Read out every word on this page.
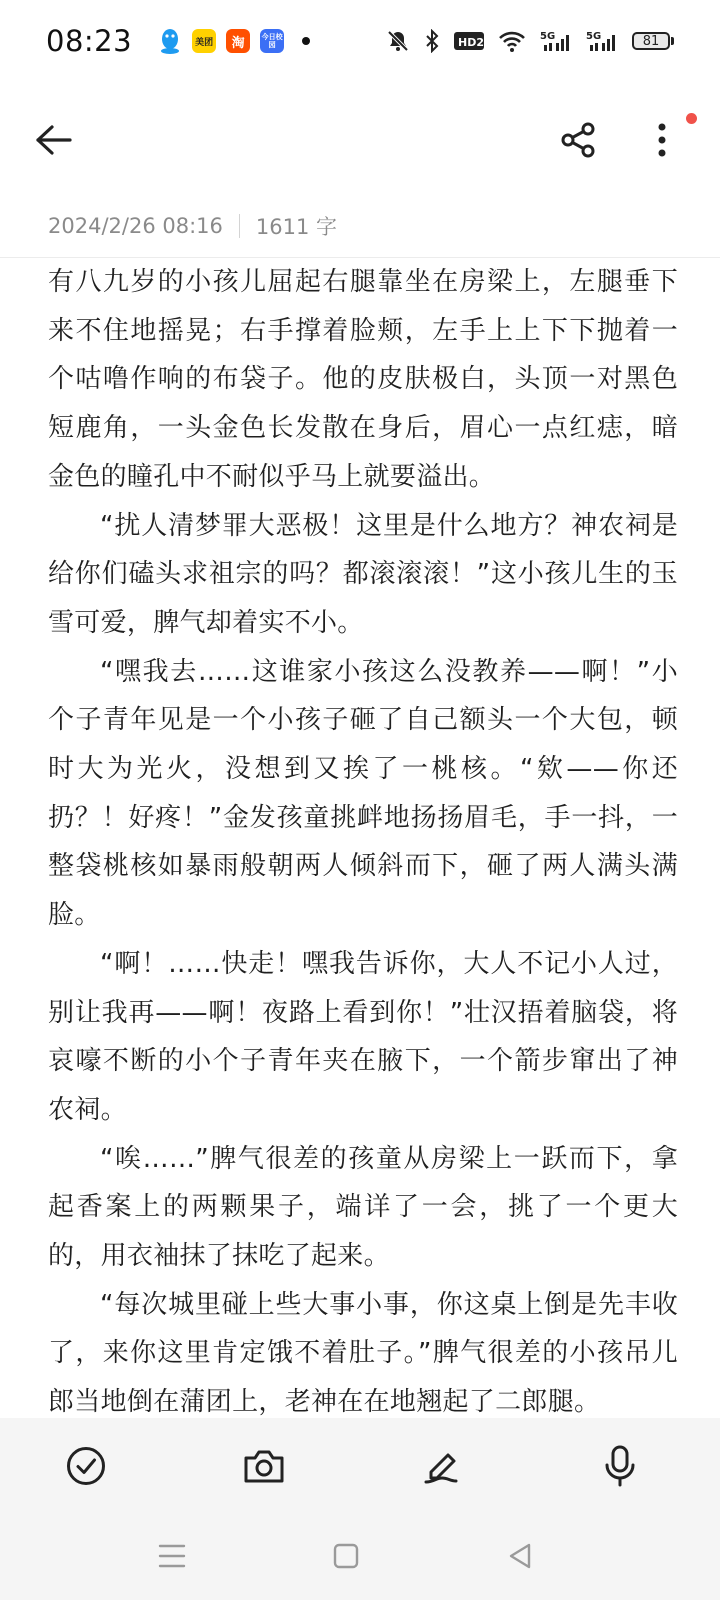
08:23	美团 淘 今日校园	HD2	5G	5G	81
2024/2/26 08:16 1611 字

有八九岁的小孩儿屈起右腿靠坐在房梁上，左腿垂下来不住地摇晃；右手撑着脸颊，左手上上下下抛着一个咕噜作响的布袋子。他的皮肤极白，头顶一对黑色短鹿角，一头金色长发散在身后，眉心一点红痣，暗金色的瞳孔中不耐似乎马上就要溢出。

“扰人清梦罪大恶极！这里是什么地方？神农祠是给你们磕头求祖宗的吗？都滚滚滚！”这小孩儿生的玉雪可爱，脾气却着实不小。

“嘿我去……这谁家小孩这么没教养——啊！”小个子青年见是一个小孩子砸了自己额头一个大包，顿时大为光火，没想到又挨了一桃核。“欸——你还扔？！好疼！”金发孩童挑衅地扬扬眉毛，手一抖，一整袋桃核如暴雨般朝两人倾斜而下，砸了两人满头满脸。

“啊！……快走！嘿我告诉你，大人不记小人过，别让我再——啊！夜路上看到你！”壮汉捂着脑袋，将哀嚎不断的小个子青年夹在腋下，一个箭步窜出了神农祠。

“唉……”脾气很差的孩童从房梁上一跃而下，拿起香案上的两颗果子，端详了一会，挑了一个更大的，用衣袖抹了抹吃了起来。

“每次城里碰上些大事小事，你这桌上倒是先丰收了，来你这里肯定饿不着肚子。”脾气很差的小孩吊儿郎当地倒在蒲团上，老神在在地翘起了二郎腿。
